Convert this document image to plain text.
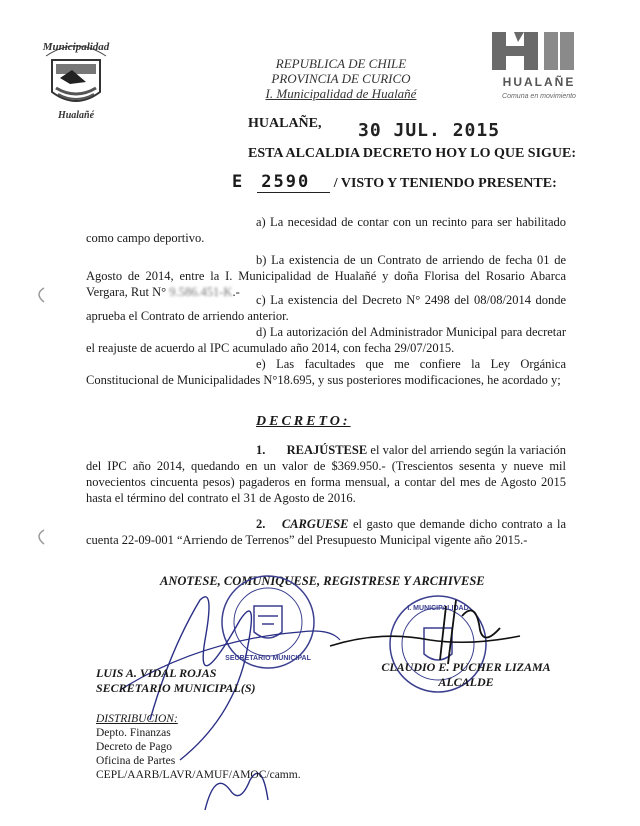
Municipalidad
Hualañé
REPUBLICA DE CHILE
PROVINCIA DE CURICO
I. Municipalidad de Hualañé
HUALAÑE
Comuna en movimiento
HUALAÑE, 30 JUL. 2015
ESTA ALCALDIA DECRETO HOY LO QUE SIGUE:
E 2590 / VISTO Y TENIENDO PRESENTE:
a) La necesidad de contar con un recinto para ser habilitado como campo deportivo.
b) La existencia de un Contrato de arriendo de fecha 01 de Agosto de 2014, entre la I. Municipalidad de Hualañé y doña Florisa del Rosario Abarca Vergara, Rut N° 9.586.451-K.-
c) La existencia del Decreto N° 2498 del 08/08/2014 donde aprueba el Contrato de arriendo anterior.
d) La autorización del Administrador Municipal para decretar el reajuste de acuerdo al IPC acumulado año 2014, con fecha 29/07/2015.
e) Las facultades que me confiere la Ley Orgánica Constitucional de Municipalidades N°18.695, y sus posteriores modificaciones, he acordado y;
DECRETO:
1. REAJÚSTESE el valor del arriendo según la variación del IPC año 2014, quedando en un valor de $369.950.- (Trescientos sesenta y nueve mil novecientos cincuenta pesos) pagaderos en forma mensual, a contar del mes de Agosto 2015 hasta el término del contrato el 31 de Agosto de 2016.
2. CARGUESE el gasto que demande dicho contrato a la cuenta 22-09-001 “Arriendo de Terrenos” del Presupuesto Municipal vigente año 2015.-
ANOTESE, COMUNIQUESE, REGISTRESE Y ARCHIVESE
SECRETARIO MUNICIPAL
I. MUNICIPALIDAD
LUIS A. VIDAL ROJAS
SECRETARIO MUNICIPAL(S)
CLAUDIO E. PUCHER LIZAMA
ALCALDE
DISTRIBUCION:
Depto. Finanzas
Decreto de Pago
Oficina de Partes
CEPL/AARB/LAVR/AMUF/AMOC/camm.
